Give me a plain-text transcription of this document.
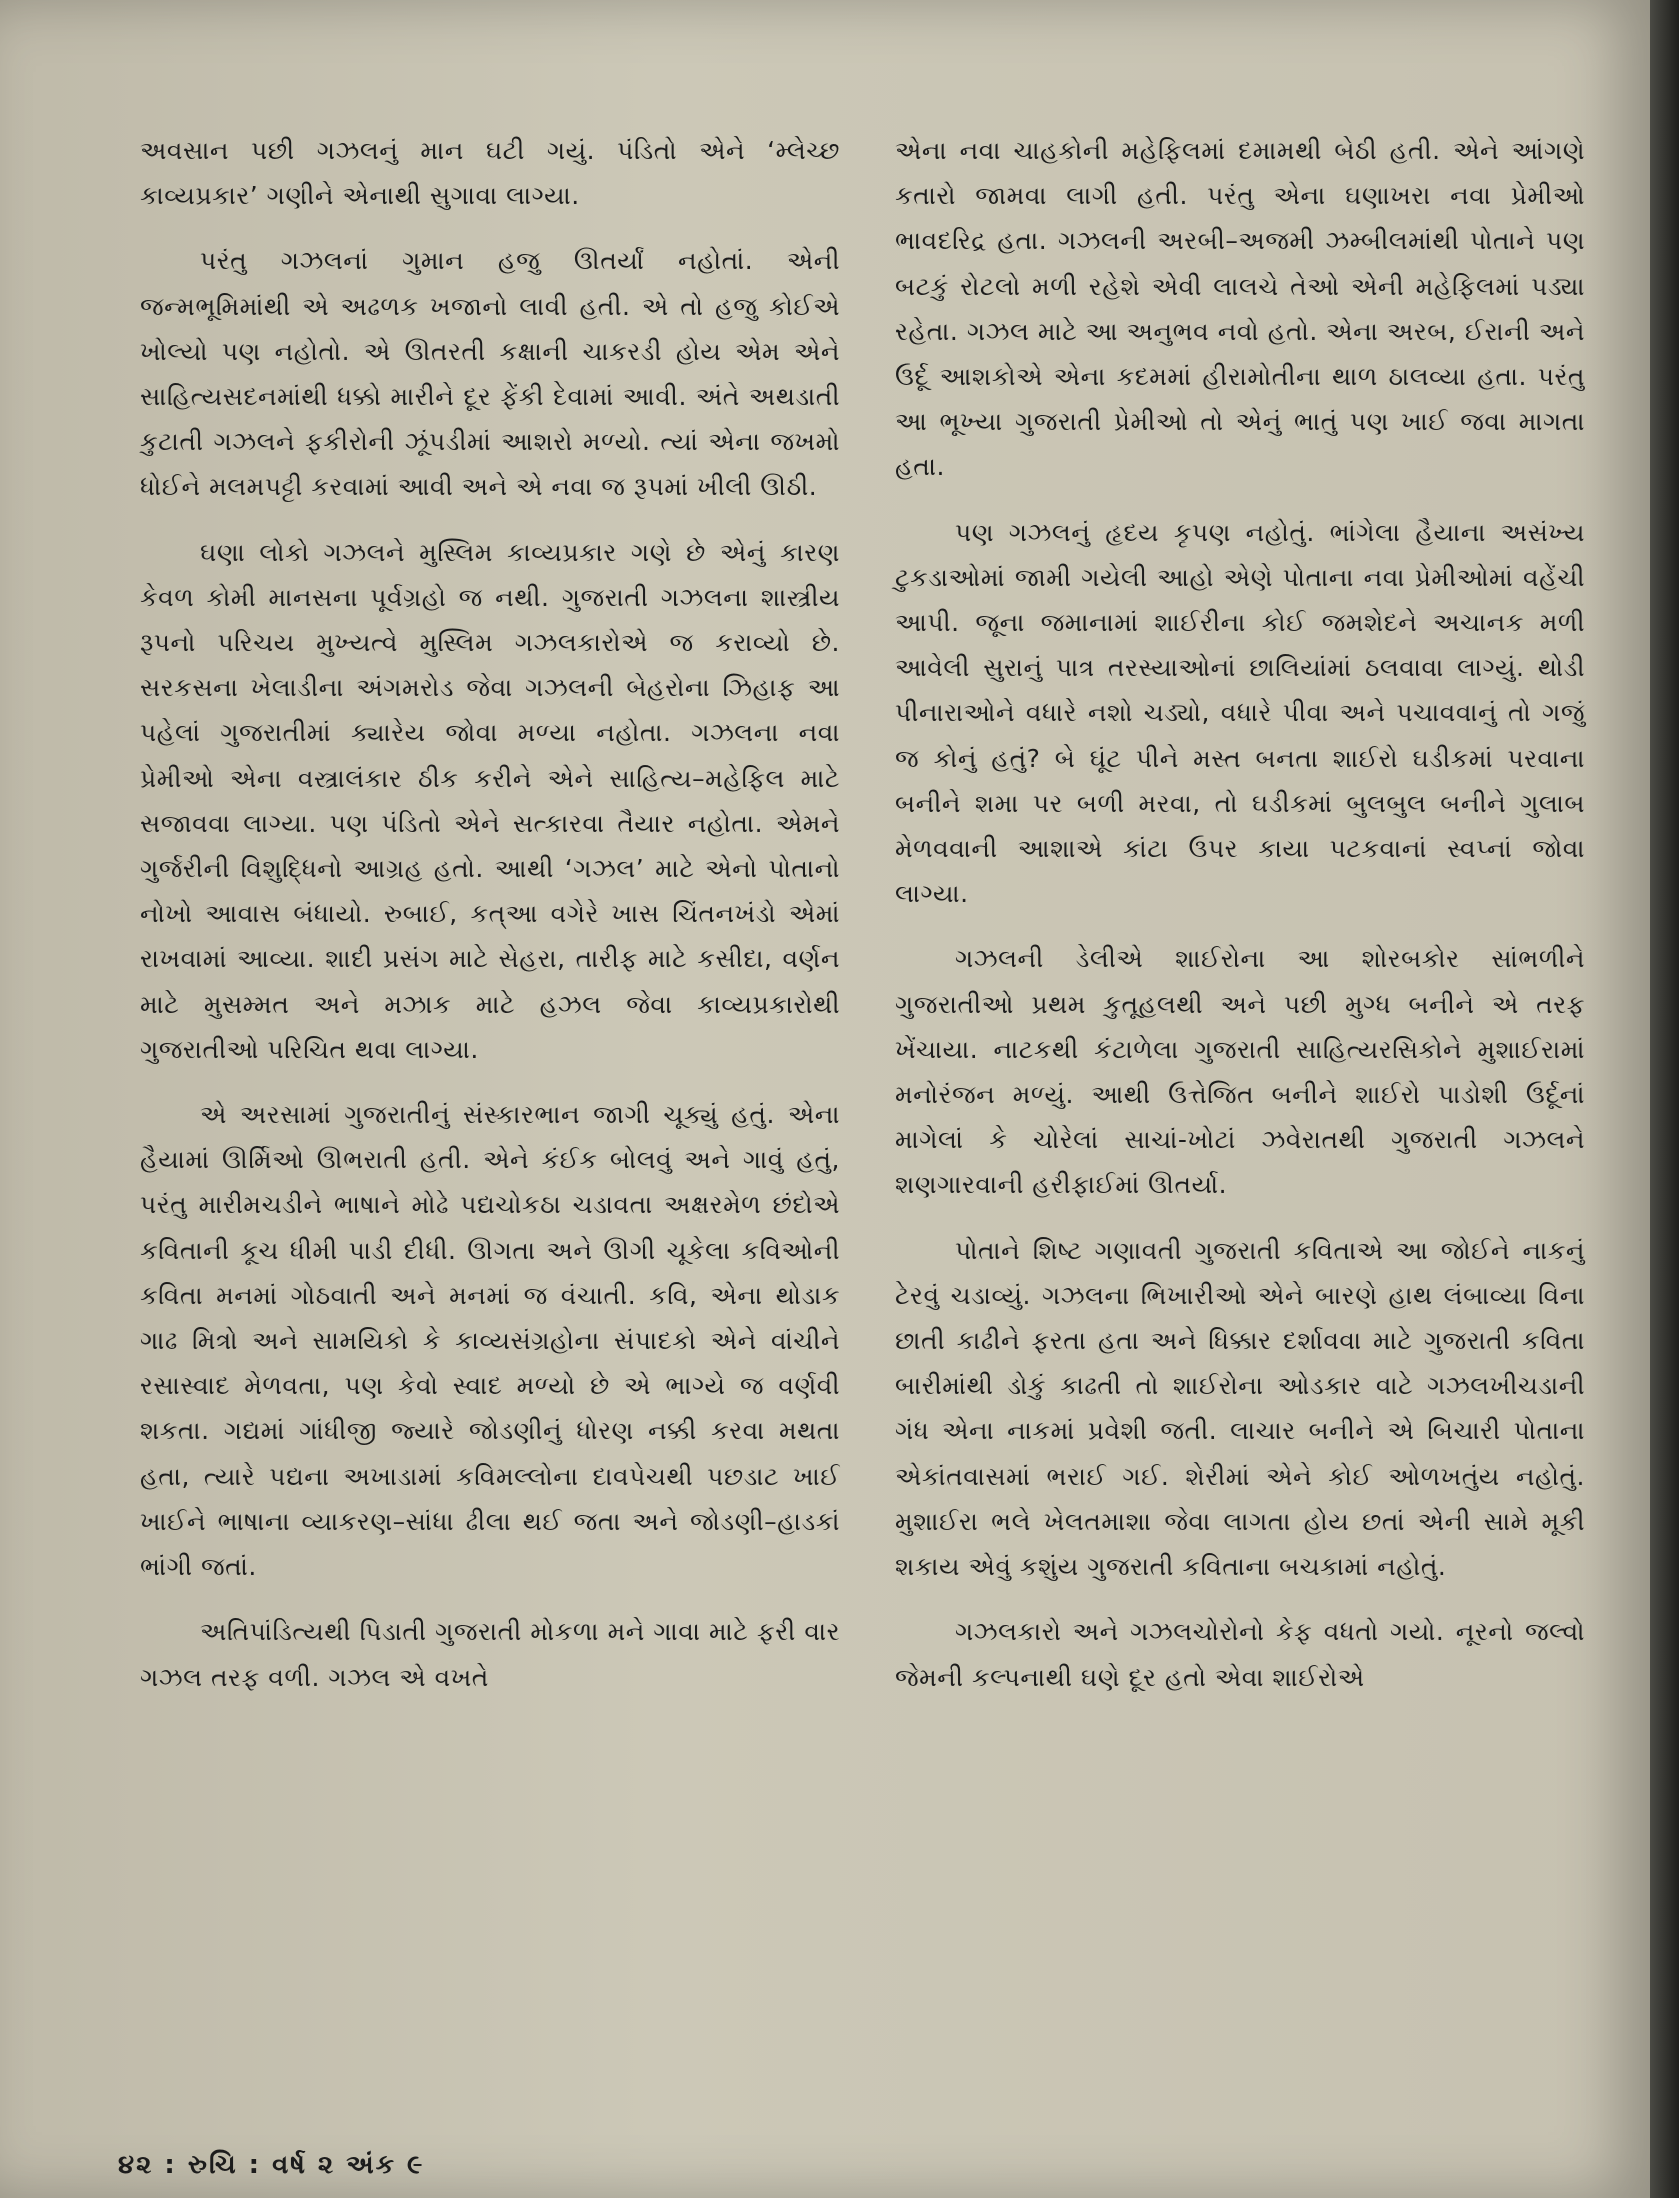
અવસાન પછી ગઝલનું માન ઘટી ગયું. પંડિતો એને ‘મ્લેચ્છ કાવ્યપ્રકાર’ ગણીને એનાથી સુગાવા લાગ્યા.

પરંતુ ગઝલનાં ગુમાન હજુ ઊતર્યાં નહોતાં. એની જન્મભૂમિમાંથી એ અઢળક ખજાનો લાવી હતી. એ તો હજુ કોઈએ ખોલ્યો પણ નહોતો. એ ઊતરતી કક્ષાની ચાકરડી હોય એમ એને સાહિત્યસદનમાંથી ધક્કો મારીને દૂર ફેંકી દેવામાં આવી. અંતે અથડાતી કુટાતી ગઝલને ફકીરોની ઝૂંપડીમાં આશરો મળ્યો. ત્યાં એના જખમો ધોઈને મલમપટ્ટી કરવામાં આવી અને એ નવા જ રૂપમાં ખીલી ઊઠી.

ઘણા લોકો ગઝલને મુસ્લિમ કાવ્યપ્રકાર ગણે છે એનું કારણ કેવળ કોમી માનસના પૂર્વગ્રહો જ નથી. ગુજરાતી ગઝલના શાસ્ત્રીય રૂપનો પરિચય મુખ્યત્વે મુસ્લિમ ગઝલકારોએ જ કરાવ્યો છે. સરકસના ખેલાડીના અંગમરોડ જેવા ગઝલની બેહરોના ઝિહાફ આ પહેલાં ગુજરાતીમાં ક્યારેય જોવા મળ્યા નહોતા. ગઝલના નવા પ્રેમીઓ એના વસ્ત્રાલંકાર ઠીક કરીને એને સાહિત્ય–મહેફિલ માટે સજાવવા લાગ્યા. પણ પંડિતો એને સત્કારવા તૈયાર નહોતા. એમને ગુર્જરીની વિશુદ્ધિનો આગ્રહ હતો. આથી ‘ગઝલ’ માટે એનો પોતાનો નોખો આવાસ બંધાયો. રુબાઈ, કત્આ વગેરે ખાસ ચિંતનખંડો એમાં રાખવામાં આવ્યા. શાદી પ્રસંગ માટે સેહરા, તારીફ માટે કસીદા, વર્ણન માટે મુસમ્મત અને મઝાક માટે હઝલ જેવા કાવ્યપ્રકારોથી ગુજરાતીઓ પરિચિત થવા લાગ્યા.

એ અરસામાં ગુજરાતીનું સંસ્કારભાન જાગી ચૂક્યું હતું. એના હૈયામાં ઊર્મિઓ ઊભરાતી હતી. એને કંઈક બોલવું અને ગાવું હતું, પરંતુ મારીમચડીને ભાષાને મોઢે પદ્યચોકઠા ચડાવતા અક્ષરમેળ છંદોએ કવિતાની કૂચ ધીમી પાડી દીધી. ઊગતા અને ઊગી ચૂકેલા કવિઓની કવિતા મનમાં ગોઠવાતી અને મનમાં જ વંચાતી. કવિ, એના થોડાક ગાઢ મિત્રો અને સામયિકો કે કાવ્યસંગ્રહોના સંપાદકો એને વાંચીને રસાસ્વાદ મેળવતા, પણ કેવો સ્વાદ મળ્યો છે એ ભાગ્યે જ વર્ણવી શકતા. ગદ્યમાં ગાંધીજી જ્યારે જોડણીનું ધોરણ નક્કી કરવા મથતા હતા, ત્યારે પદ્યના અખાડામાં કવિમલ્લોના દાવપેચથી પછડાટ ખાઈ ખાઈને ભાષાના વ્યાકરણ–સાંધા ઢીલા થઈ જતા અને જોડણી–હાડકાં ભાંગી જતાં.

અતિપાંડિત્યથી પિડાતી ગુજરાતી મોકળા મને ગાવા માટે ફરી વાર ગઝલ તરફ વળી. ગઝલ એ વખતે

એના નવા ચાહકોની મહેફિલમાં દમામથી બેઠી હતી. એને આંગણે કતારો જામવા લાગી હતી. પરંતુ એના ઘણાખરા નવા પ્રેમીઓ ભાવદરિદ્ર હતા. ગઝલની અરબી–અજમી ઝમ્બીલમાંથી પોતાને પણ બટકું રોટલો મળી રહેશે એવી લાલચે તેઓ એની મહેફિલમાં પડ્યા રહેતા. ગઝલ માટે આ અનુભવ નવો હતો. એના અરબ, ઈરાની અને ઉર્દૂ આશકોએ એના કદમમાં હીરામોતીના થાળ ઠાલવ્યા હતા. પરંતુ આ ભૂખ્યા ગુજરાતી પ્રેમીઓ તો એનું ભાતું પણ ખાઈ જવા માગતા હતા.

પણ ગઝલનું હૃદય કૃપણ નહોતું. ભાંગેલા હૈયાના અસંખ્ય ટુકડાઓમાં જામી ગયેલી આહો એણે પોતાના નવા પ્રેમીઓમાં વહેંચી આપી. જૂના જમાનામાં શાઈરીના કોઈ જમશેદને અચાનક મળી આવેલી સુરાનું પાત્ર તરસ્યાઓનાં છાલિયાંમાં ઠલવાવા લાગ્યું. થોડી પીનારાઓને વધારે નશો ચડ્યો, વધારે પીવા અને પચાવવાનું તો ગજું જ કોનું હતું? બે ઘૂંટ પીને મસ્ત બનતા શાઈરો ઘડીકમાં પરવાના બનીને શમા પર બળી મરવા, તો ઘડીકમાં બુલબુલ બનીને ગુલાબ મેળવવાની આશાએ કાંટા ઉપર કાયા પટકવાનાં સ્વપ્નાં જોવા લાગ્યા.

ગઝલની ડેલીએ શાઈરોના આ શોરબકોર સાંભળીને ગુજરાતીઓ પ્રથમ કુતૂહલથી અને પછી મુગ્ધ બનીને એ તરફ ખેંચાયા. નાટકથી કંટાળેલા ગુજરાતી સાહિત્યરસિકોને મુશાઈરામાં મનોરંજન મળ્યું. આથી ઉત્તેજિત બનીને શાઈરો પાડોશી ઉર્દૂનાં માગેલાં કે ચોરેલાં સાચાં-ખોટાં ઝવેરાતથી ગુજરાતી ગઝલને શણગારવાની હરીફાઈમાં ઊતર્યા.

પોતાને શિષ્ટ ગણાવતી ગુજરાતી કવિતાએ આ જોઈને નાકનું ટેરવું ચડાવ્યું. ગઝલના ભિખારીઓ એને બારણે હાથ લંબાવ્યા વિના છાતી કાઢીને ફરતા હતા અને ધિક્કાર દર્શાવવા માટે ગુજરાતી કવિતા બારીમાંથી ડોકું કાઢતી તો શાઈરોના ઓડકાર વાટે ગઝલખીચડાની ગંધ એના નાકમાં પ્રવેશી જતી. લાચાર બનીને એ બિચારી પોતાના એકાંતવાસમાં ભરાઈ ગઈ. શેરીમાં એને કોઈ ઓળખતુંય નહોતું. મુશાઈરા ભલે ખેલતમાશા જેવા લાગતા હોય છતાં એની સામે મૂકી શકાય એવું કશુંય ગુજરાતી કવિતાના બચકામાં નહોતું.

ગઝલકારો અને ગઝલચોરોનો કેફ વધતો ગયો. નૂરનો જલ્વો જેમની કલ્પનાથી ઘણે દૂર હતો એવા શાઈરોએ

૪૨ : રુચિ : વર્ષ ૨ અંક ૯
